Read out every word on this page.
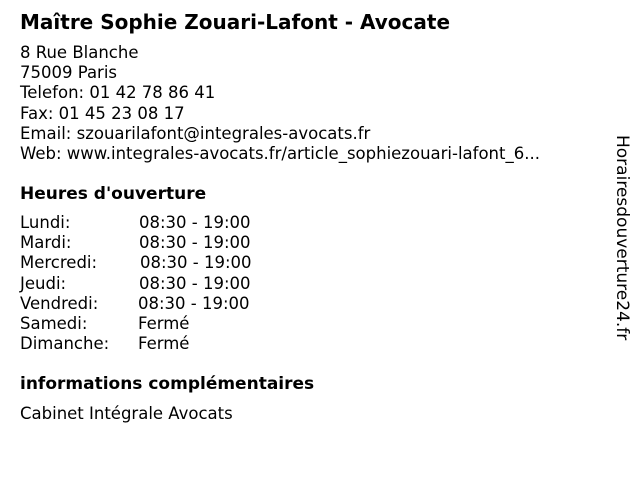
Maître Sophie Zouari-Lafont - Avocate
8 Rue Blanche
75009 Paris
Telefon: 01 42 78 86 41
Fax: 01 45 23 08 17
Email: szouarilafont@integrales-avocats.fr
Web: www.integrales-avocats.fr/article_sophiezouari-lafont_6...
Heures d'ouverture
Lundi:	08:30 - 19:00
Mardi:	08:30 - 19:00
Mercredi:	08:30 - 19:00
Jeudi:	08:30 - 19:00
Vendredi: 08:30 - 19:00
Samedi:	Fermé
Dimanche: Fermé
informations complémentaires
Cabinet Intégrale Avocats
Horairesdouverture24.fr
